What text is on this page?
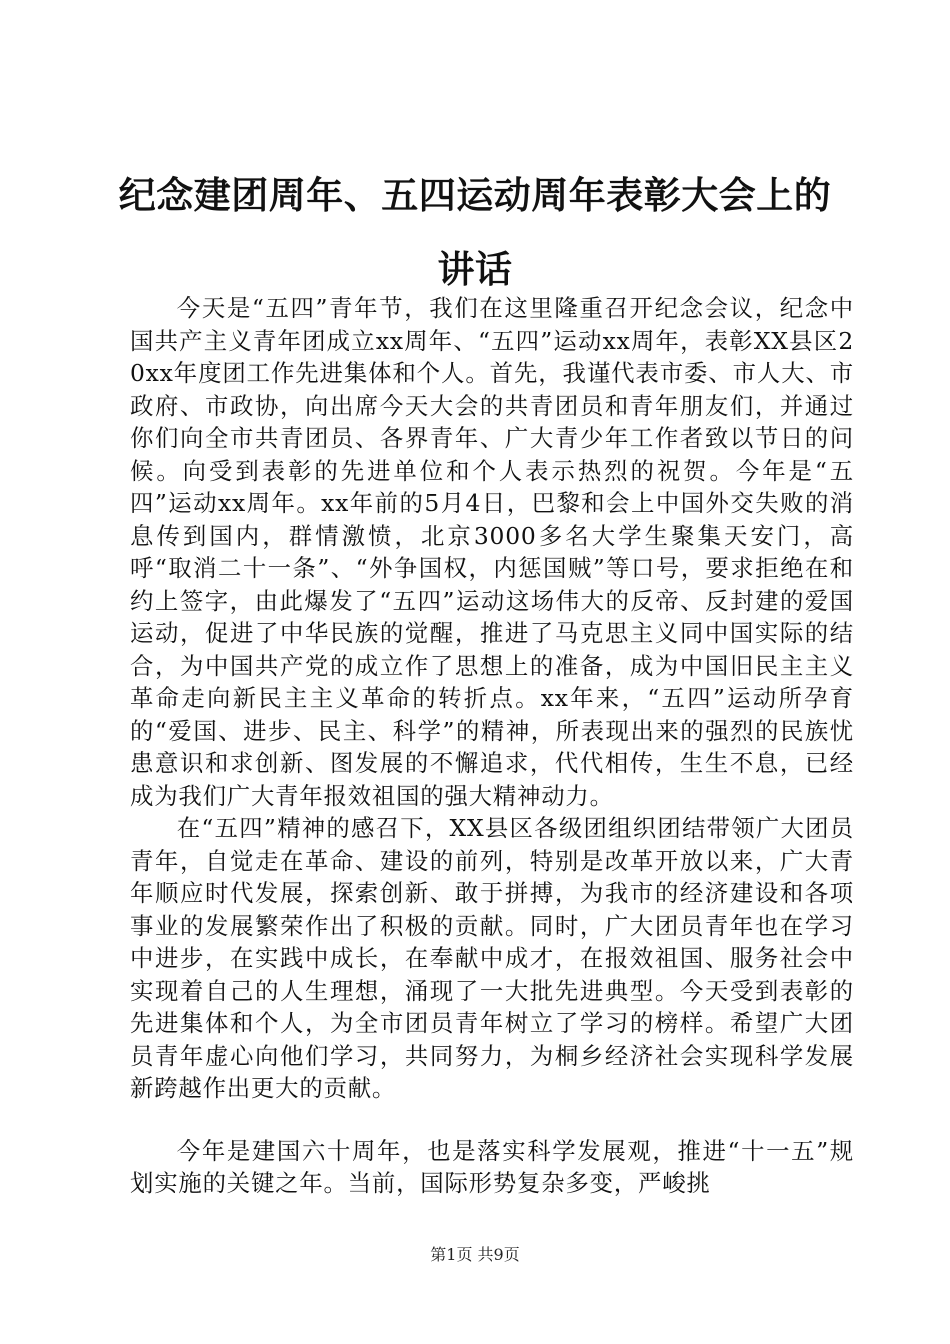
纪念建团周年、五四运动周年表彰大会上的讲话

今天是“五四”青年节，我们在这里隆重召开纪念会议，纪念中国共产主义青年团成立xx周年、“五四”运动xx周年，表彰XX县区20xx年度团工作先进集体和个人。首先，我谨代表市委、市人大、市政府、市政协，向出席今天大会的共青团员和青年朋友们，并通过你们向全市共青团员、各界青年、广大青少年工作者致以节日的问候。向受到表彰的先进单位和个人表示热烈的祝贺。今年是“五四”运动xx周年。xx年前的5月4日，巴黎和会上中国外交失败的消息传到国内，群情激愤，北京3000多名大学生聚集天安门，高呼“取消二十一条”、“外争国权，内惩国贼”等口号，要求拒绝在和约上签字，由此爆发了“五四”运动这场伟大的反帝、反封建的爱国运动，促进了中华民族的觉醒，推进了马克思主义同中国实际的结合，为中国共产党的成立作了思想上的准备，成为中国旧民主主义革命走向新民主主义革命的转折点。xx年来，“五四”运动所孕育的“爱国、进步、民主、科学”的精神，所表现出来的强烈的民族忧患意识和求创新、图发展的不懈追求，代代相传，生生不息，已经成为我们广大青年报效祖国的强大精神动力。

在“五四”精神的感召下，XX县区各级团组织团结带领广大团员青年，自觉走在革命、建设的前列，特别是改革开放以来，广大青年顺应时代发展，探索创新、敢于拼搏，为我市的经济建设和各项事业的发展繁荣作出了积极的贡献。同时，广大团员青年也在学习中进步，在实践中成长，在奉献中成才，在报效祖国、服务社会中实现着自己的人生理想，涌现了一大批先进典型。今天受到表彰的先进集体和个人，为全市团员青年树立了学习的榜样。希望广大团员青年虚心向他们学习，共同努力，为桐乡经济社会实现科学发展新跨越作出更大的贡献。

今年是建国六十周年，也是落实科学发展观，推进“十一五”规划实施的关键之年。当前，国际形势复杂多变，严峻挑

第1页 共9页
